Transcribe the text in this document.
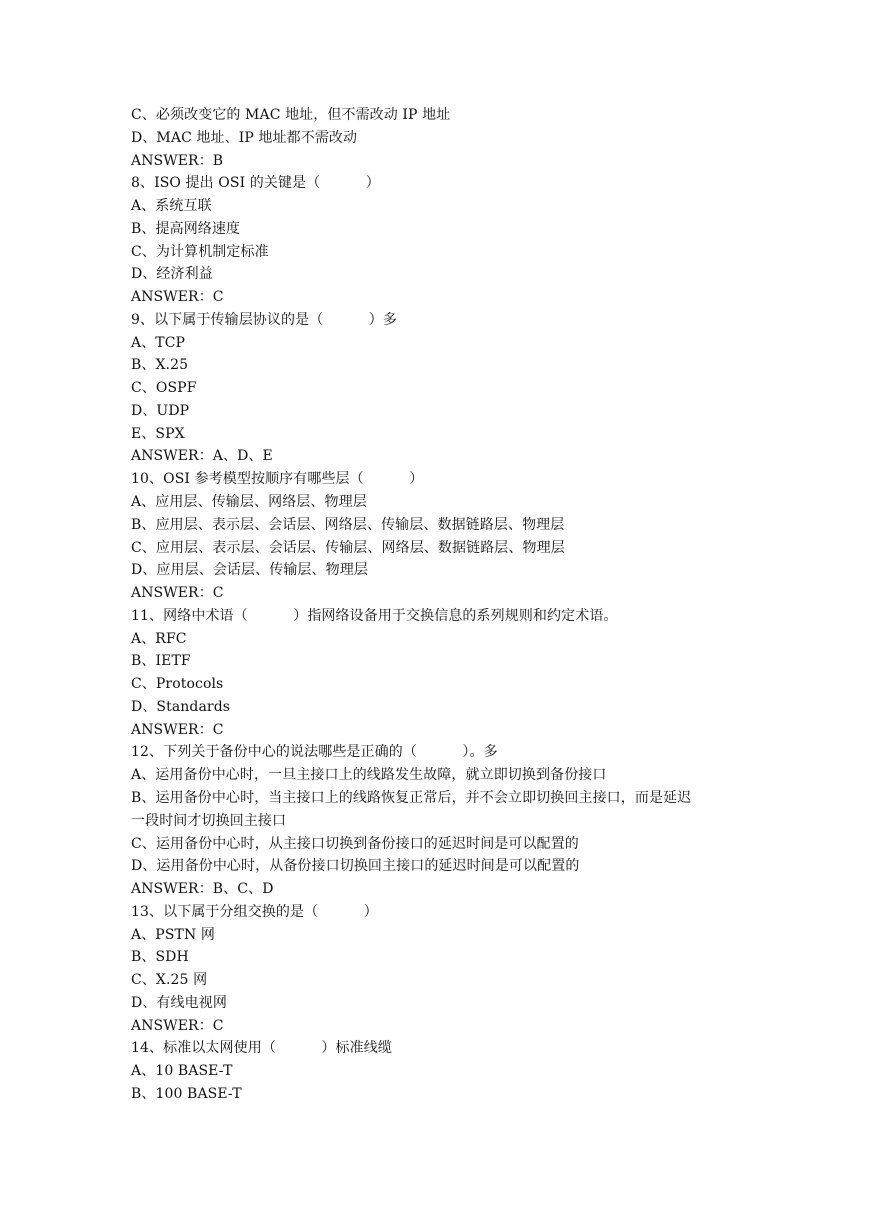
C、必须改变它的 MAC 地址，但不需改动 IP 地址
D、MAC 地址、IP 地址都不需改动
ANSWER：B
8、ISO 提出 OSI 的关键是（          ）
A、系统互联
B、提高网络速度
C、为计算机制定标准
D、经济利益
ANSWER：C
9、以下属于传输层协议的是（          ）多
A、TCP
B、X.25
C、OSPF
D、UDP
E、SPX
ANSWER：A、D、E
10、OSI 参考模型按顺序有哪些层（          ）
A、应用层、传输层、网络层、物理层
B、应用层、表示层、会话层、网络层、传输层、数据链路层、物理层
C、应用层、表示层、会话层、传输层、网络层、数据链路层、物理层
D、应用层、会话层、传输层、物理层
ANSWER：C
11、网络中术语（          ）指网络设备用于交换信息的系列规则和约定术语。
A、RFC
B、IETF
C、Protocols
D、Standards
ANSWER：C
12、下列关于备份中心的说法哪些是正确的（          ）。多
A、运用备份中心时，一旦主接口上的线路发生故障，就立即切换到备份接口
B、运用备份中心时，当主接口上的线路恢复正常后，并不会立即切换回主接口，而是延迟
一段时间才切换回主接口
C、运用备份中心时，从主接口切换到备份接口的延迟时间是可以配置的
D、运用备份中心时，从备份接口切换回主接口的延迟时间是可以配置的
ANSWER：B、C、D
13、以下属于分组交换的是（          ）
A、PSTN 网
B、SDH
C、X.25 网
D、有线电视网
ANSWER：C
14、标准以太网使用（          ）标准线缆
A、10 BASE-T
B、100 BASE-T
